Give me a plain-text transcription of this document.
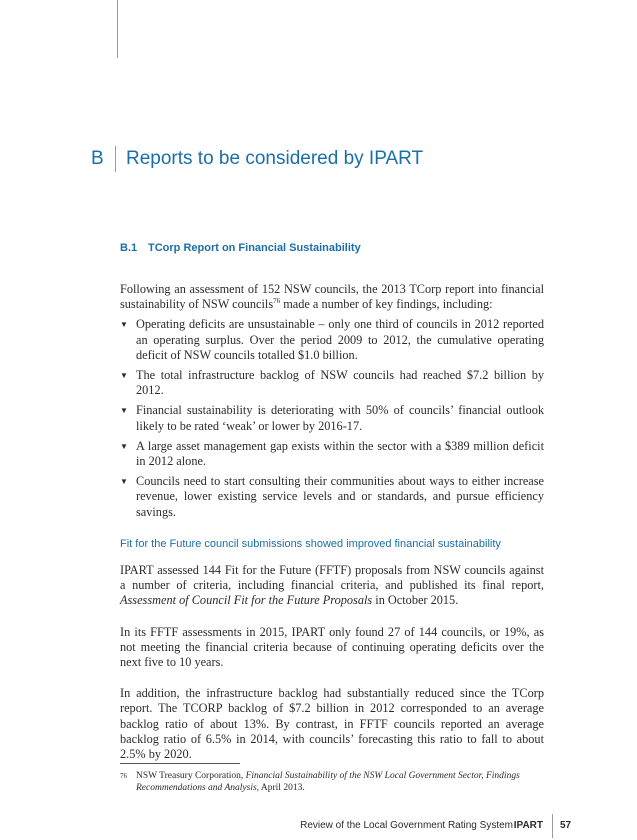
B	Reports to be considered by IPART
B.1 TCorp Report on Financial Sustainability

Following an assessment of 152 NSW councils, the 2013 TCorp report into financial sustainability of NSW councils$^{76}$ made a number of key findings, including:

▼ Operating deficits are unsustainable – only one third of councils in 2012 reported an operating surplus. Over the period 2009 to 2012, the cumulative operating deficit of NSW councils totalled $1.0 billion.
▼ The total infrastructure backlog of NSW councils had reached $7.2 billion by 2012.
▼ Financial sustainability is deteriorating with 50% of councils’ financial outlook likely to be rated ‘weak’ or lower by 2016-17.
▼ A large asset management gap exists within the sector with a $389 million deficit in 2012 alone.
▼ Councils need to start consulting their communities about ways to either increase revenue, lower existing service levels and or standards, and pursue efficiency savings.
Fit for the Future council submissions showed improved financial sustainability

IPART assessed 144 Fit for the Future (FFTF) proposals from NSW councils against a number of criteria, including financial criteria, and published its final report, Assessment of Council Fit for the Future Proposals in October 2015.

In its FFTF assessments in 2015, IPART only found 27 of 144 councils, or 19%, as not meeting the financial criteria because of continuing operating deficits over the next five to 10 years.

In addition, the infrastructure backlog had substantially reduced since the TCorp report. The TCORP backlog of $7.2 billion in 2012 corresponded to an average backlog ratio of about 13%. By contrast, in FFTF councils reported an average backlog ratio of 6.5% in 2014, with councils’ forecasting this ratio to fall to about 2.5% by 2020.

76 NSW Treasury Corporation, Financial Sustainability of the NSW Local Government Sector, Findings Recommendations and Analysis, April 2013.
Review of the Local Government Rating System IPART 57
